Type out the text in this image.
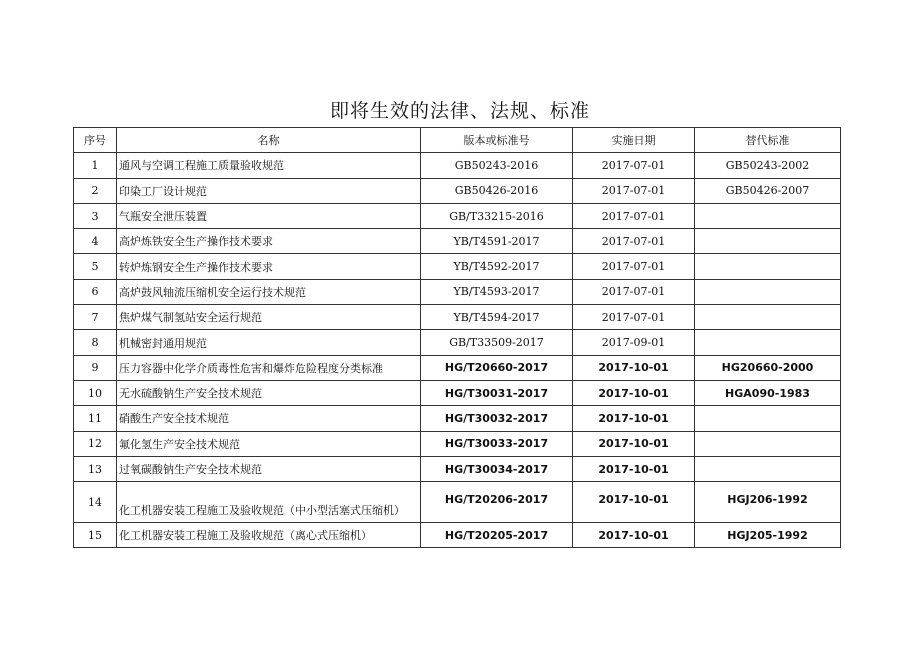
即将生效的法律、法规、标准
序号	名称	版本或标准号	实施日期	替代标准
1	通风与空调工程施工质量验收规范	GB50243-2016	2017-07-01	GB50243-2002
2	印染工厂设计规范	GB50426-2016	2017-07-01	GB50426-2007
3	气瓶安全泄压装置	GB/T33215-2016	2017-07-01	
4	高炉炼铁安全生产操作技术要求	YB/T4591-2017	2017-07-01	
5	转炉炼钢安全生产操作技术要求	YB/T4592-2017	2017-07-01	
6	高炉鼓风轴流压缩机安全运行技术规范	YB/T4593-2017	2017-07-01	
7	焦炉煤气制氢站安全运行规范	YB/T4594-2017	2017-07-01	
8	机械密封通用规范	GB/T33509-2017	2017-09-01	
9	压力容器中化学介质毒性危害和爆炸危险程度分类标准	HG/T20660-2017	2017-10-01	HG20660-2000
10	无水硫酸钠生产安全技术规范	HG/T30031-2017	2017-10-01	HGA090-1983
11	硝酸生产安全技术规范	HG/T30032-2017	2017-10-01	
12	氟化氢生产安全技术规范	HG/T30033-2017	2017-10-01	
13	过氧碳酸钠生产安全技术规范	HG/T30034-2017	2017-10-01	
14	化工机器安装工程施工及验收规范（中小型活塞式压缩机）	HG/T20206-2017	2017-10-01	HGJ206-1992
15	化工机器安装工程施工及验收规范（离心式压缩机）	HG/T20205-2017	2017-10-01	HGJ205-1992
